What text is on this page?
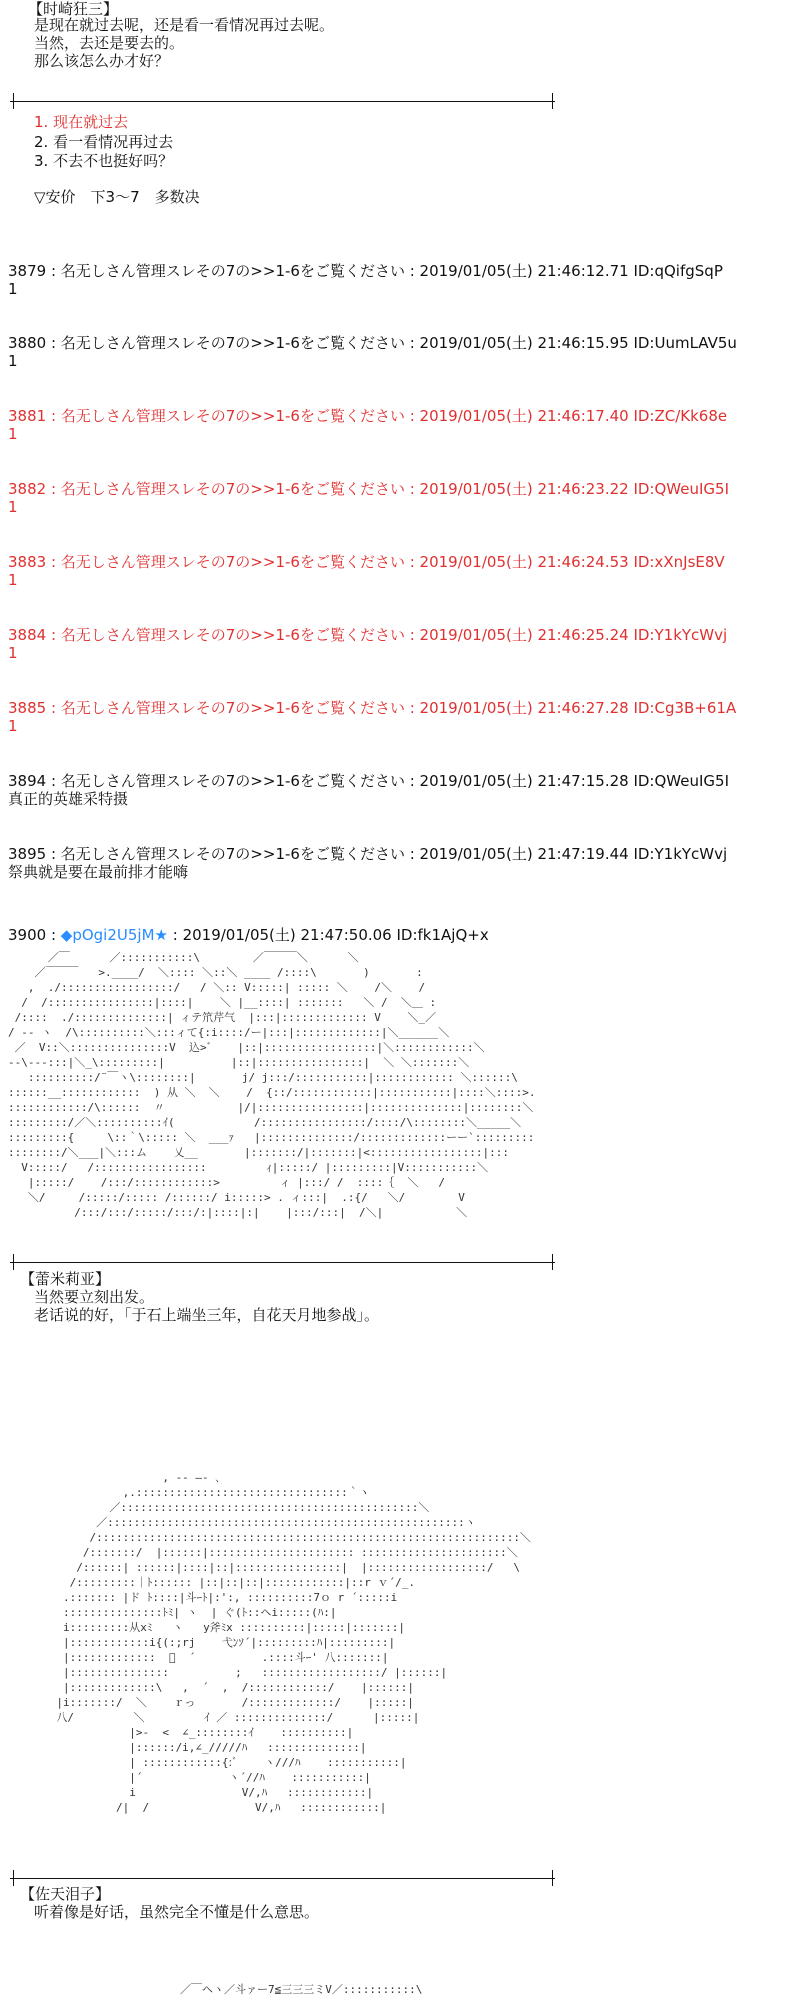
【时崎狂三】
是现在就过去呢，还是看一看情况再过去呢。
当然，去还是要去的。
那么该怎么办才好？
1. 现在就过去
2. 看一看情况再过去
3. 不去不也挺好吗？
▽安价　下3～7　多数决
3879 : 名无しさん管理スレその7の>>1-6をご覧ください : 2019/01/05(土) 21:46:12.71 ID:qQifgSqP
1
3880 : 名无しさん管理スレその7の>>1-6をご覧ください : 2019/01/05(土) 21:46:15.95 ID:UumLAV5u
1
3881 : 名无しさん管理スレその7の>>1-6をご覧ください : 2019/01/05(土) 21:46:17.40 ID:ZC/Kk68e
1
3882 : 名无しさん管理スレその7の>>1-6をご覧ください : 2019/01/05(土) 21:46:23.22 ID:QWeuIG5I
1
3883 : 名无しさん管理スレその7の>>1-6をご覧ください : 2019/01/05(土) 21:46:24.53 ID:xXnJsE8V
1
3884 : 名无しさん管理スレその7の>>1-6をご覧ください : 2019/01/05(土) 21:46:25.24 ID:Y1kYcWvj
1
3885 : 名无しさん管理スレその7の>>1-6をご覧ください : 2019/01/05(土) 21:46:27.28 ID:Cg3B+61A
1
3894 : 名无しさん管理スレその7の>>1-6をご覧ください : 2019/01/05(土) 21:47:15.28 ID:QWeuIG5I
真正的英雄采特摄
3895 : 名无しさん管理スレその7の>>1-6をご覧ください : 2019/01/05(土) 21:47:19.44 ID:Y1kYcWvj
祭典就是要在最前排才能嗨
3900 : ◆pOgi2U5jM★ : 2019/01/05(土) 21:47:50.06 ID:fk1AjQ+x
／￣      ／:::::::::::\        ／￣￣￣＼      ＼
／￣￣￣   >.____/  ＼:::: ＼::＼ ____ /::::\       )       :
,  ./:::::::::::::::::/   / ＼:: V:::::| ::::: ＼    /＼    /
/  /::::::::::::::::|::::|    ＼ |__::::| :::::::   ＼ /  ＼＿ :
/::::  ./::::::::::::::| ィテ笊芹气  |:::|::::::::::::: V    ＼_／
/ -- ヽ  /\::::::::::＼:::ィて{:i::::/ー|:::|:::::::::::::|＼______＼
／  V::＼:::::::::::::::V  込>゛   |::|:::::::::::::::::|＼::::::::::::＼
--\---:::|＼_\:::::::::|          |::|::::::::::::::::|  ＼ ＼:::::::＼
::::::::::/¨￣ヽ\::::::::|       j/ j:::/:::::::::::|:::::::::::: ＼::::::\
::::::__::::::::::::  ) 从 ＼  ＼    /  {::/::::::::::::|:::::::::::|::::＼::::>.
::::::::::::/\::::::  〃           |/|::::::::::::::::|::::::::::::::|::::::::＼
:::::::::/／＼::::::::::ｲ(            /::::::::::::::::/::::/\::::::::＼_____＼
:::::::::{     \::｀\::::: ＼  ___ｧ   |::::::::::::::/:::::::::::::ーー`:::::::::
::::::::/＼___|＼:::ム    乂__       |:::::::/|:::::::|<:::::::::::::::::|:::
V:::::/   /:::::::::::::::::         ｨ|:::::/ |:::::::::|V:::::::::::＼
|:::::/    /:::/::::::::::::>         ィ |:::/ /  ::::｛  ＼   /
＼/     /:::::/::::: /::::::/ i:::::> . ィ:::|  .:{/   ＼/        V
/:::/:::/:::::/:::/:|::::|:|    |:::/:::|  /＼|           ＼
【蕾米莉亚】
当然要立刻出发。
老话说的好，「于石上端坐三年，自花天月地参战」。
, -‐ ―- ､
,.::::::::::::::::::::::::::::::::｀ヽ
／:::::::::::::::::::::::::::::::::::::::::::::＼
／::::::::::::::::::::::::::::::::::::::::::::::::::::::ヽ
/::::::::::::::::::::::::::::::::::::::::::::::::::::::::::::::::＼
/:::::::/  |::::::|:::::::::::::::::::::: ::::::::::::::::::::::＼
/::::::| ::::::|::::|::|::::::::::::::::|  |::::::::::::::::::/   \
/:::::::::｜ﾄ:::::: |::|::|::|::::::::::::|::r ｖ´/_.
.::::::: |ド ﾄ::::|斗ｰﾄ|:':, ::::::::::7ｏ r ´:::::i
:::::::::::::::ﾄﾐ| ヽ  | ぐ(ﾄ::ヘi:::::(ﾊ:|
i:::::::::从xﾐ   ヽ   y斧ﾐx ::::::::::|:::::|:::::::|
|::::::::::::i{(:;rj    弋ﾝｿ´|:::::::::ﾊ|:::::::::|
|:::::::::::::  ﾞ  ´          .::::斗ｰ' 八:::::::|
|:::::::::::::::          ;   ::::::::::::::::::/ |::::::|
|:::::::::::::\   ,  ´  ,  /::::::::::::/    |::::::|
|i:::::::/  ＼    ｒっ       /:::::::::::::/    |:::::|
八/         ＼         ｲ ／ ::::::::::::::/      |:::::|
|>-  <  ∠_::::::::ｲ    ::::::::::|
|::::::/i,∠_/////ﾊ   ::::::::::::::|
| ::::::::::::{:ﾞ    ヽ///ﾊ    :::::::::::|
|´             ヽ´//ﾊ    :::::::::::|
i                V/,ﾊ   ::::::::::::|
/|  /                V/,ﾊ   ::::::::::::|
【佐天泪子】
听着像是好话，虽然完全不懂是什么意思。
／￣ヘヽ／斗ァー7≦三三三ミV／:::::::::::\
